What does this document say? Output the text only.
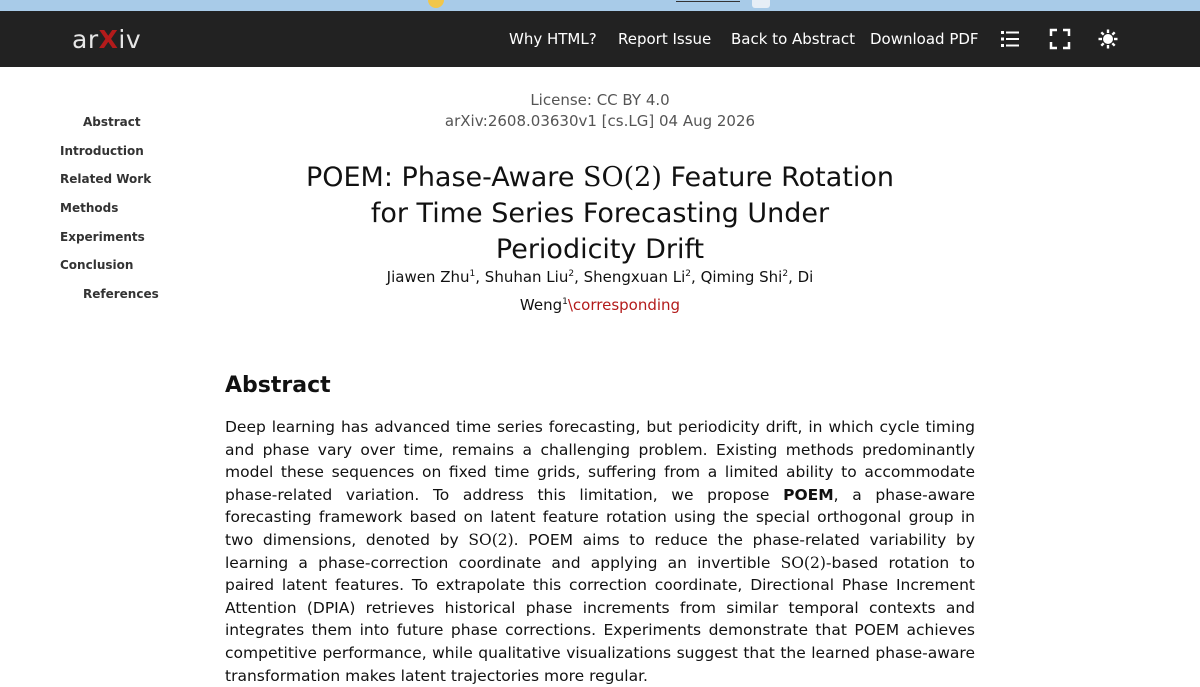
arXiv	Why HTML? Report Issue Back to Abstract Download PDF
Abstract
Introduction
Related Work
Methods
Experiments
Conclusion
References
License: CC BY 4.0
arXiv:2608.03630v1 [cs.LG] 04 Aug 2026
POEM: Phase-Aware SO(2) Feature Rotation for Time Series Forecasting Under Periodicity Drift
Jiawen Zhu$^1$, Shuhan Liu$^2$, Shengxuan Li$^2$, Qiming Shi$^2$, Di Weng$^1$\corresponding
Abstract

Deep learning has advanced time series forecasting, but periodicity drift, in which cycle timing and phase vary over time, remains a challenging problem. Existing methods predominantly model these sequences on fixed time grids, suffering from a limited ability to accommodate phase-related variation. To address this limitation, we propose POEM, a phase-aware forecasting framework based on latent feature rotation using the special orthogonal group in two dimensions, denoted by SO(2). POEM aims to reduce the phase-related variability by learning a phase-correction coordinate and applying an invertible SO(2)-based rotation to paired latent features. To extrapolate this correction coordinate, Directional Phase Increment Attention (DPIA) retrieves historical phase increments from similar temporal contexts and integrates them into future phase corrections. Experiments demonstrate that POEM achieves competitive performance, while qualitative visualizations suggest that the learned phase-aware transformation makes latent trajectories more regular.
